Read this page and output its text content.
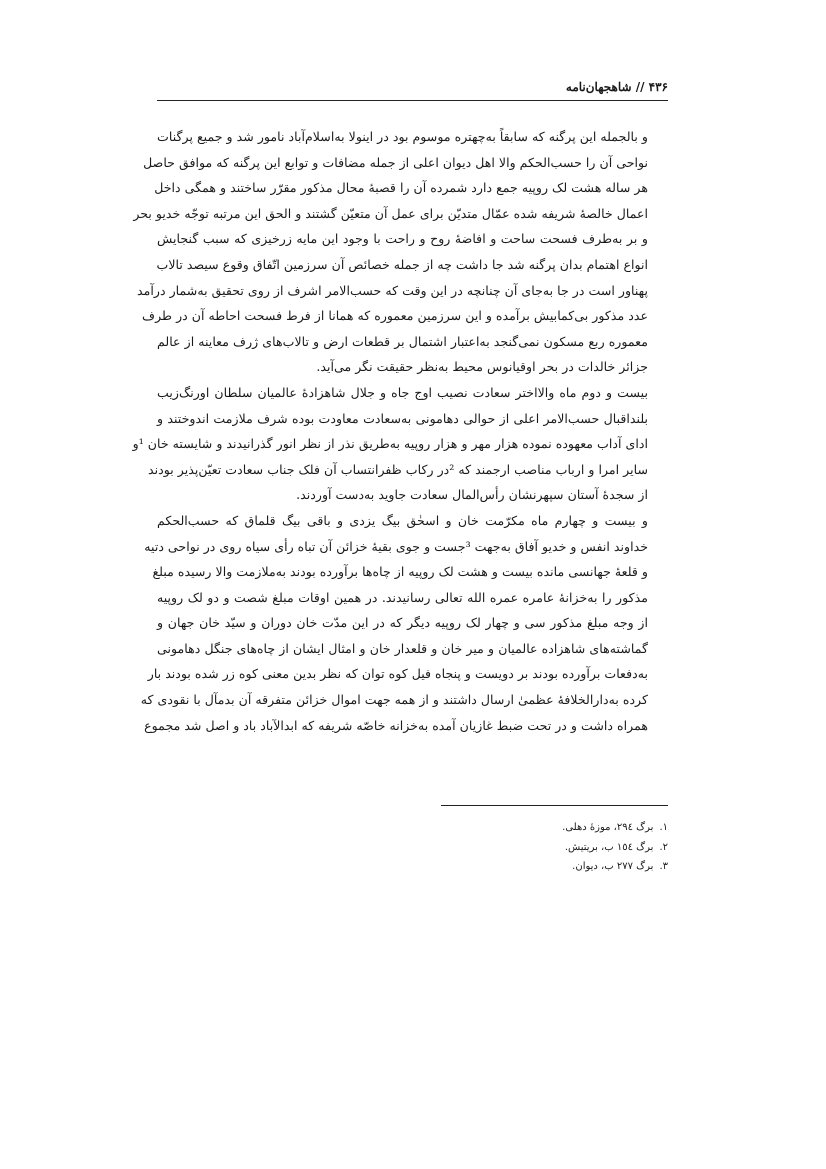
۴۳۶ // شاهجهان‌نامه

و بالجمله این پرگنه که سابقاً به‌چهتره موسوم بود در اینولا به‌اسلام‌آباد نامور شد و جمیع پرگنات
نواحی آن را حسب‌الحکم والا اهل دیوان اعلی از جمله مضافات و توابع این پرگنه که موافق حاصل
هر ساله هشت لک روپیه جمع دارد شمرده آن را قصبهٔ محال مذکور مقرّر ساختند و همگی داخل
اعمال خالصهٔ شریفه شده عمّال متدیّن برای عمل آن متعیّن گشتند و الحق این مرتبه توجّه خدیو بحر
و بر به‌طرف فسحت ساحت و افاضهٔ روح و راحت با وجود این مایه زرخیزی که سبب گنجایش
انواع اهتمام بدان پرگنه شد جا داشت چه از جمله خصائص آن سرزمین اتّفاق وقوع سیصد تالاب
پهناور است در جا به‌جای آن چنانچه در این وقت که حسب‌الامر اشرف از روی تحقیق به‌شمار درآمد
عدد مذکور بی‌کمابیش برآمده و این سرزمین معموره که همانا از فرط فسحت احاطه آن در طرف
معموره ربع مسکون نمی‌گنجد به‌اعتبار اشتمال بر قطعات ارض و تالاب‌های ژرف معاینه از عالم
جزائر خالدات در بحر اوقیانوس محیط به‌نظر حقیقت نگر می‌آید.

بیست و دوم ماه والااختر سعادت نصیب اوج جاه و جلال شاهزادهٔ عالمیان سلطان اورنگ‌زیب
بلنداقبال حسب‌الامر اعلی از حوالی دهامونی به‌سعادت معاودت بوده شرف ملازمت اندوختند و
ادای آداب معهوده نموده هزار مهر و هزار روپیه به‌طریق نذر از نظر انور گذرانیدند و شایسته خان ¹و
سایر امرا و ارباب مناصب ارجمند که ²در رکاب ظفرانتساب آن فلک جناب سعادت تعیّن‌پذیر بودند
از سجدهٔ آستان سپهرنشان رأس‌المال سعادت جاوید به‌دست آوردند.

و بیست و چهارم ماه مکرّمت خان و اسحٰق بیگ یزدی و باقی بیگ قلماق که حسب‌الحکم
خداوند انفس و خدیو آفاق به‌جهت ³جست و جوی بقیهٔ خزائن آن تباه رأی سیاه روی در نواحی دتیه
و قلعهٔ جهانسی مانده بیست و هشت لک روپیه از چاه‌ها برآورده بودند به‌ملازمت والا رسیده مبلغ
مذکور را به‌خزانهٔ عامره عمره الله تعالی رسانیدند. در همین اوقات مبلغ شصت و دو لک روپیه
از وجه مبلغ مذکور سی و چهار لک روپیه دیگر که در این مدّت خان دوران و سیّد خان جهان و
گماشته‌های شاهزاده عالمیان و میر خان و قلعدار خان و امثال ایشان از چاه‌های جنگل دهامونی
به‌دفعات برآورده بودند بر دویست و پنجاه فیل کوه توان که نظر بدین معنی کوه زر شده بودند بار
کرده به‌دارالخلافهٔ عظمیٰ ارسال داشتند و از همه جهت اموال خزائن متفرقه آن بدمآل با نقودی که
همراه داشت و در تحت ضبط غازیان آمده به‌خزانه خاصّه شریفه که ابدالآباد باد و اصل شد مجموع

۱.برگ ۲۹٤، موزهٔ دهلی.
۲.برگ ۱٥٤ ب، بریتیش.
۳.برگ ۲۷۷ ب، دیوان.
